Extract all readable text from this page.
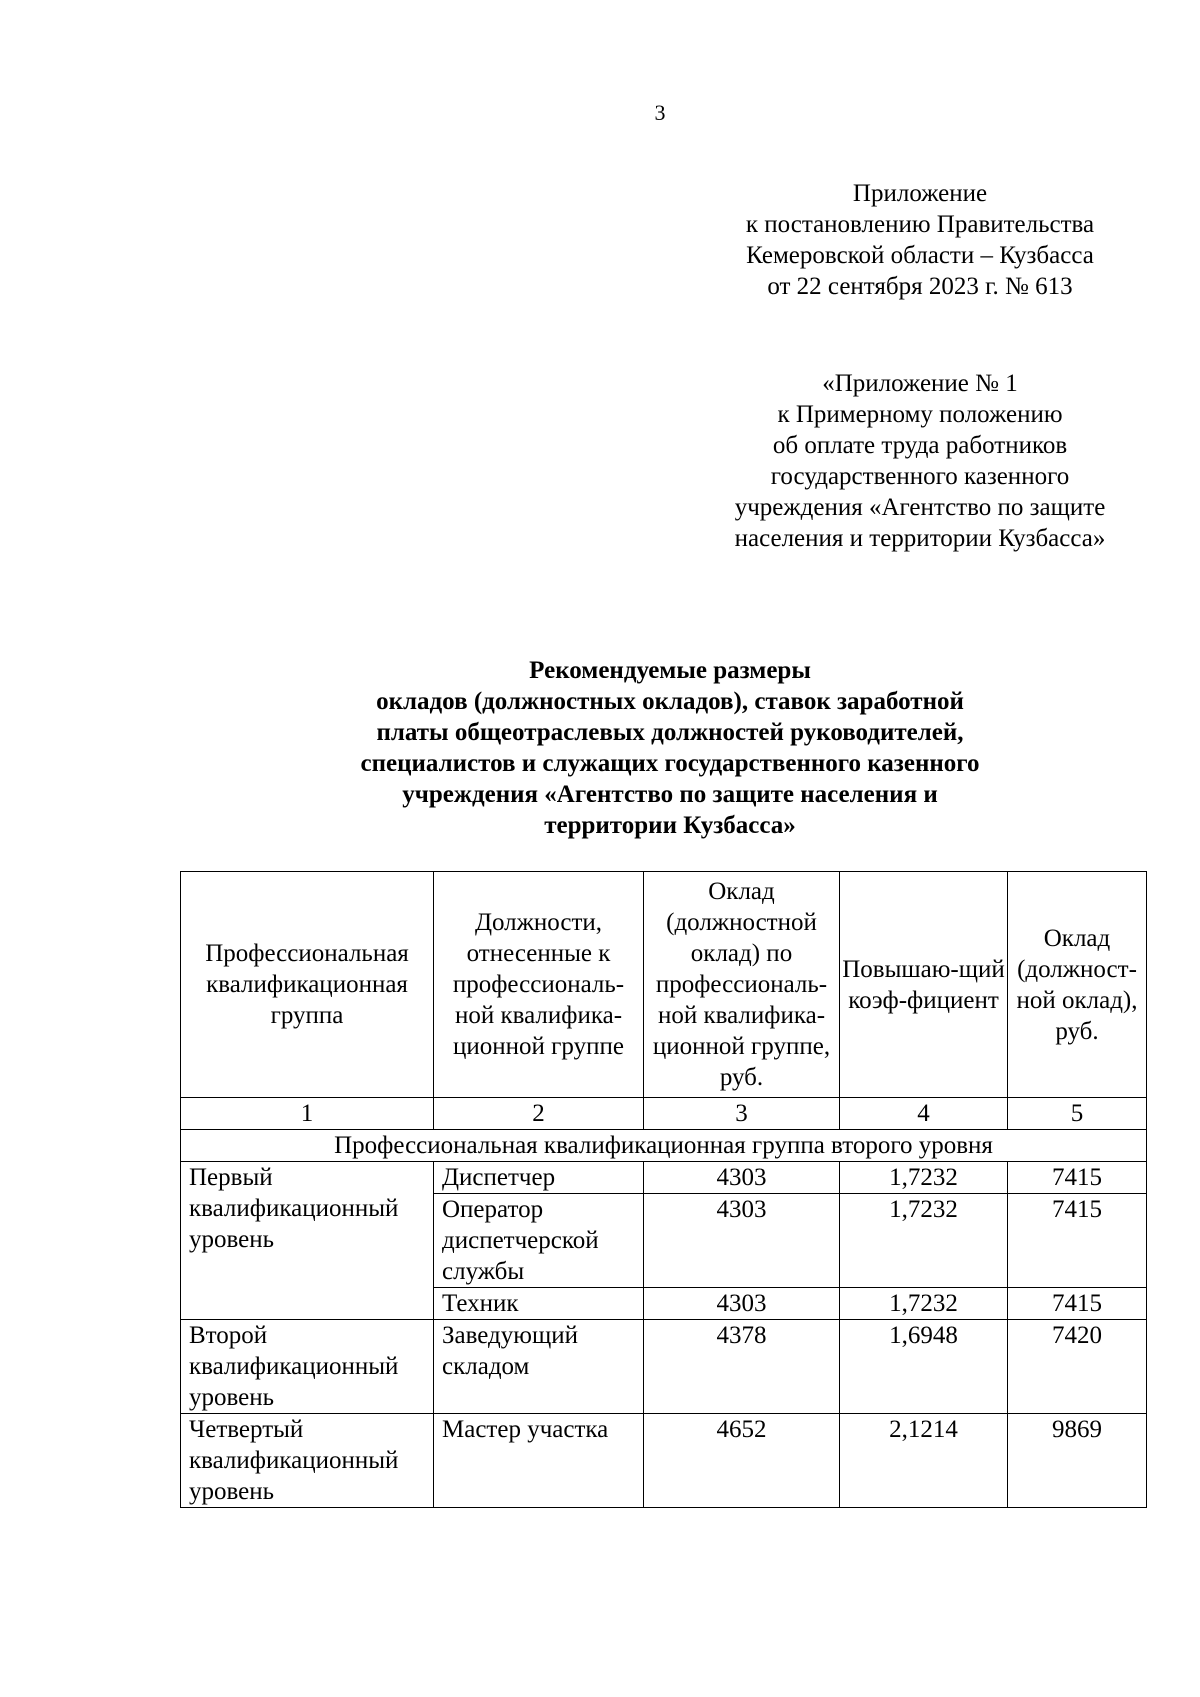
3
Приложение
к постановлению Правительства
Кемеровской области – Кузбасса
от 22 сентября 2023 г. № 613
«Приложение № 1
к Примерному положению
об оплате труда работников
государственного казенного
учреждения «Агентство по защите
населения и территории Кузбасса»
Рекомендуемые размеры
окладов (должностных окладов), ставок заработной
платы общеотраслевых должностей руководителей,
специалистов и служащих государственного казенного
учреждения «Агентство по защите населения и
территории Кузбасса»
Профессиональная квалификационная группа	Должности, отнесенные к профессиональ-ной квалифика-ционной группе	Оклад (должностной оклад) по профессиональ-ной квалифика-ционной группе, руб.	Повышаю-щий коэф-фициент	Оклад (должност-ной оклад), руб.
1	2	3	4	5
Профессиональная квалификационная группа второго уровня				
Первый квалификационный уровень	Диспетчер	4303	1,7232	7415
	Оператор диспетчерской службы	4303	1,7232	7415
	Техник	4303	1,7232	7415
Второй квалификационный уровень	Заведующий складом	4378	1,6948	7420
Четвертый квалификационный уровень	Мастер участка	4652	2,1214	9869
